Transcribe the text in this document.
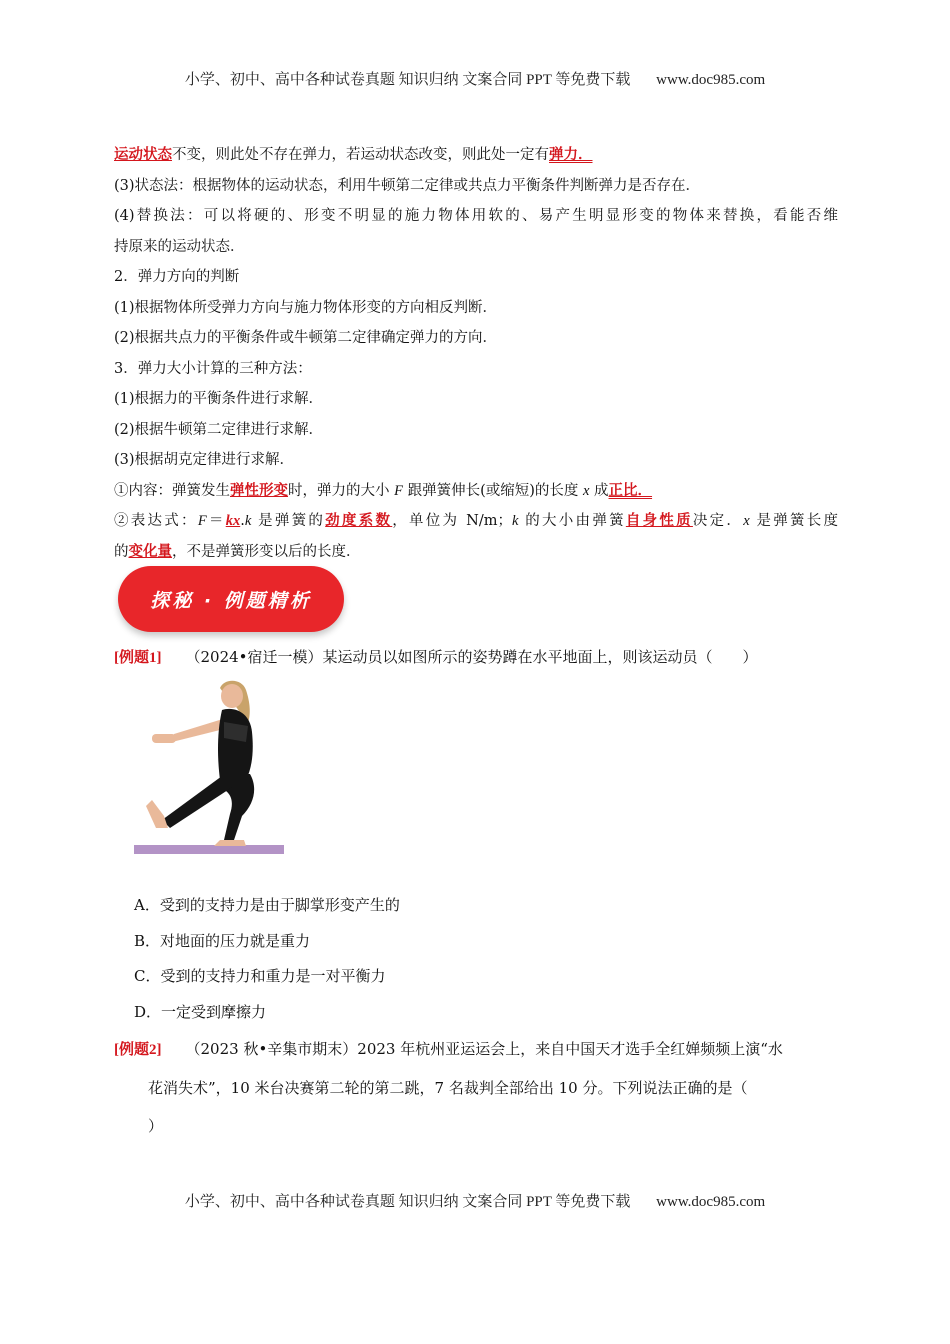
小学、初中、高中各种试卷真题 知识归纳 文案合同 PPT 等免费下载 www.doc985.com
运动状态不变，则此处不存在弹力，若运动状态改变，则此处一定有弹力．
(3)状态法：根据物体的运动状态，利用牛顿第二定律或共点力平衡条件判断弹力是否存在．
(4)替换法：可以将硬的、形变不明显的施力物体用软的、易产生明显形变的物体来替换，看能否维
持原来的运动状态．
2．弹力方向的判断
(1)根据物体所受弹力方向与施力物体形变的方向相反判断．
(2)根据共点力的平衡条件或牛顿第二定律确定弹力的方向．
3．弹力大小计算的三种方法：
(1)根据力的平衡条件进行求解．
(2)根据牛顿第二定律进行求解．
(3)根据胡克定律进行求解．
①内容：弹簧发生弹性形变时，弹力的大小 F 跟弹簧伸长(或缩短)的长度 x 成正比．
②表达式：F＝kx.k 是弹簧的劲度系数，单位为 N/m；k 的大小由弹簧自身性质决定．x 是弹簧长度
的变化量，不是弹簧形变以后的长度．
探秘 · 例题精析
[例题1] （2024•宿迁一模）某运动员以如图所示的姿势蹲在水平地面上，则该运动员（　　）
A．受到的支持力是由于脚掌形变产生的
B．对地面的压力就是重力
C．受到的支持力和重力是一对平衡力
D．一定受到摩擦力
[例题2] （2023 秋•辛集市期末）2023 年杭州亚运运会上，来自中国天才选手全红婵频频上演“水
花消失术”，10 米台决赛第二轮的第二跳，7 名裁判全部给出 10 分。下列说法正确的是（
）
小学、初中、高中各种试卷真题 知识归纳 文案合同 PPT 等免费下载 www.doc985.com
